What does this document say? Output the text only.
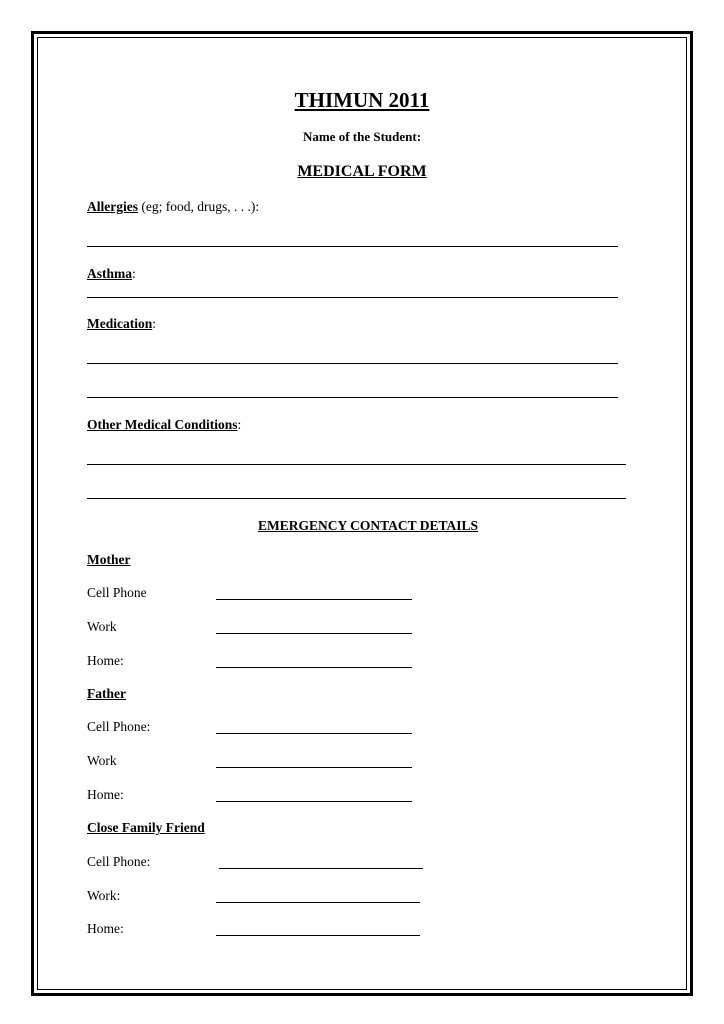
THIMUN 2011
Name of the Student:
MEDICAL FORM
Allergies (eg; food, drugs, . . .):
Asthma:
Medication:
Other Medical Conditions:
EMERGENCY CONTACT DETAILS
Mother
Cell Phone
Work
Home:
Father
Cell Phone:
Work
Home:
Close Family Friend
Cell Phone:
Work:
Home:
